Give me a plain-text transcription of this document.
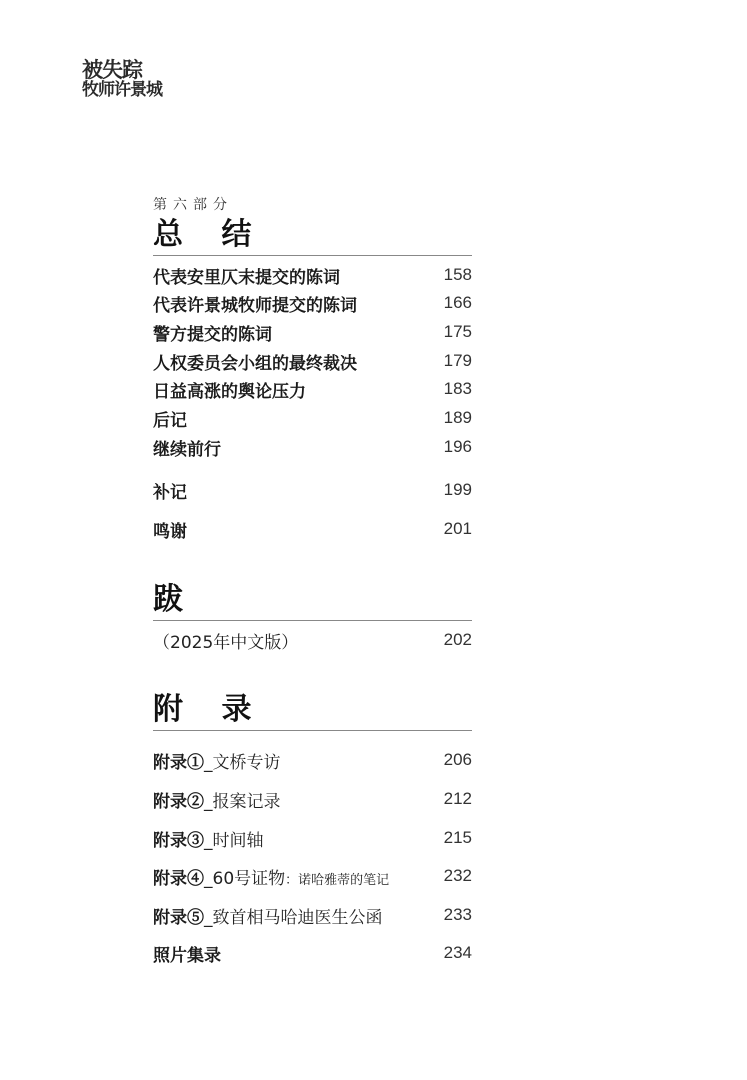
被失踪
牧师许景城
第六部分
总 结
代表安里仄末提交的陈词	158
代表许景城牧师提交的陈词	166
警方提交的陈词	175
人权委员会小组的最终裁决	179
日益高涨的舆论压力	183
后记	189
继续前行	196
补记	199
鸣谢	201
跋
（2025年中文版）	202
附 录
附录①_文桥专访	206
附录②_报案记录	212
附录③_时间轴	215
附录④_60号证物：诺哈雅蒂的笔记	232
附录⑤_致首相马哈迪医生公函	233
照片集录	234
